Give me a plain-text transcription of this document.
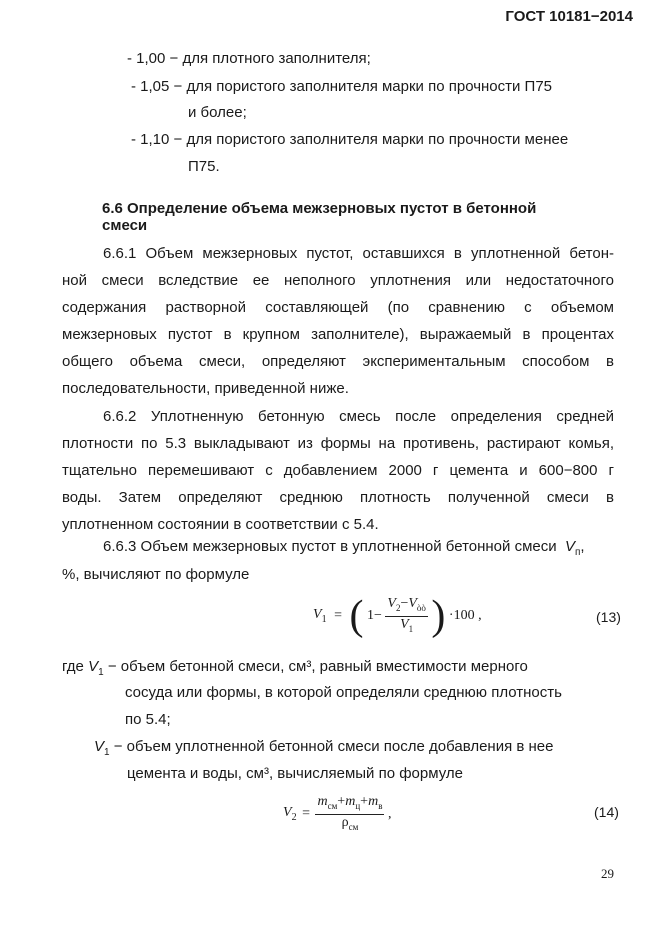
ГОСТ 10181−2014
- 1,00 − для плотного заполнителя;
- 1,05 − для пористого заполнителя марки по прочности П75
и более;
- 1,10 − для пористого заполнителя марки по прочности менее
П75.
6.6 Определение объема межзерновых пустот в бетонной
смеси
6.6.1 Объем межзерновых пустот, оставшихся в уплотненной бетон-
ной смеси вследствие ее неполного уплотнения или недостаточного
содержания растворной составляющей (по сравнению с объемом
межзерновых пустот в крупном заполнителе), выражаемый в процентах
общего объема смеси, определяют экспериментальным способом в
последовательности, приведенной ниже.
6.6.2 Уплотненную бетонную смесь после определения средней
плотности по 5.3 выкладывают из формы на противень, растирают комья,
тщательно перемешивают с добавлением 2000 г цемента и 600−800 г
воды. Затем определяют среднюю плотность полученной смеси в
уплотненном состоянии в соответствии с 5.4.
6.6.3 Объем межзерновых пустот в уплотненной бетонной смеси $V_п$,
%, вычисляют по формуле
$V_1$ = ( $1- \frac{V_2-V_{òò}}{V_1}$ ) ·100 ,	(13)
где $V_1$ − объем бетонной смеси, см³, равный вместимости мерного
сосуда или формы, в которой определяли среднюю плотность
по 5.4;
$V_1$ − объем уплотненной бетонной смеси после добавления в нее
цемента и воды, см³, вычисляемый по формуле
$V_2 = \frac{m_{см}+m_ц+m_в}{\rho_{см}}$ ,	(14)
29
